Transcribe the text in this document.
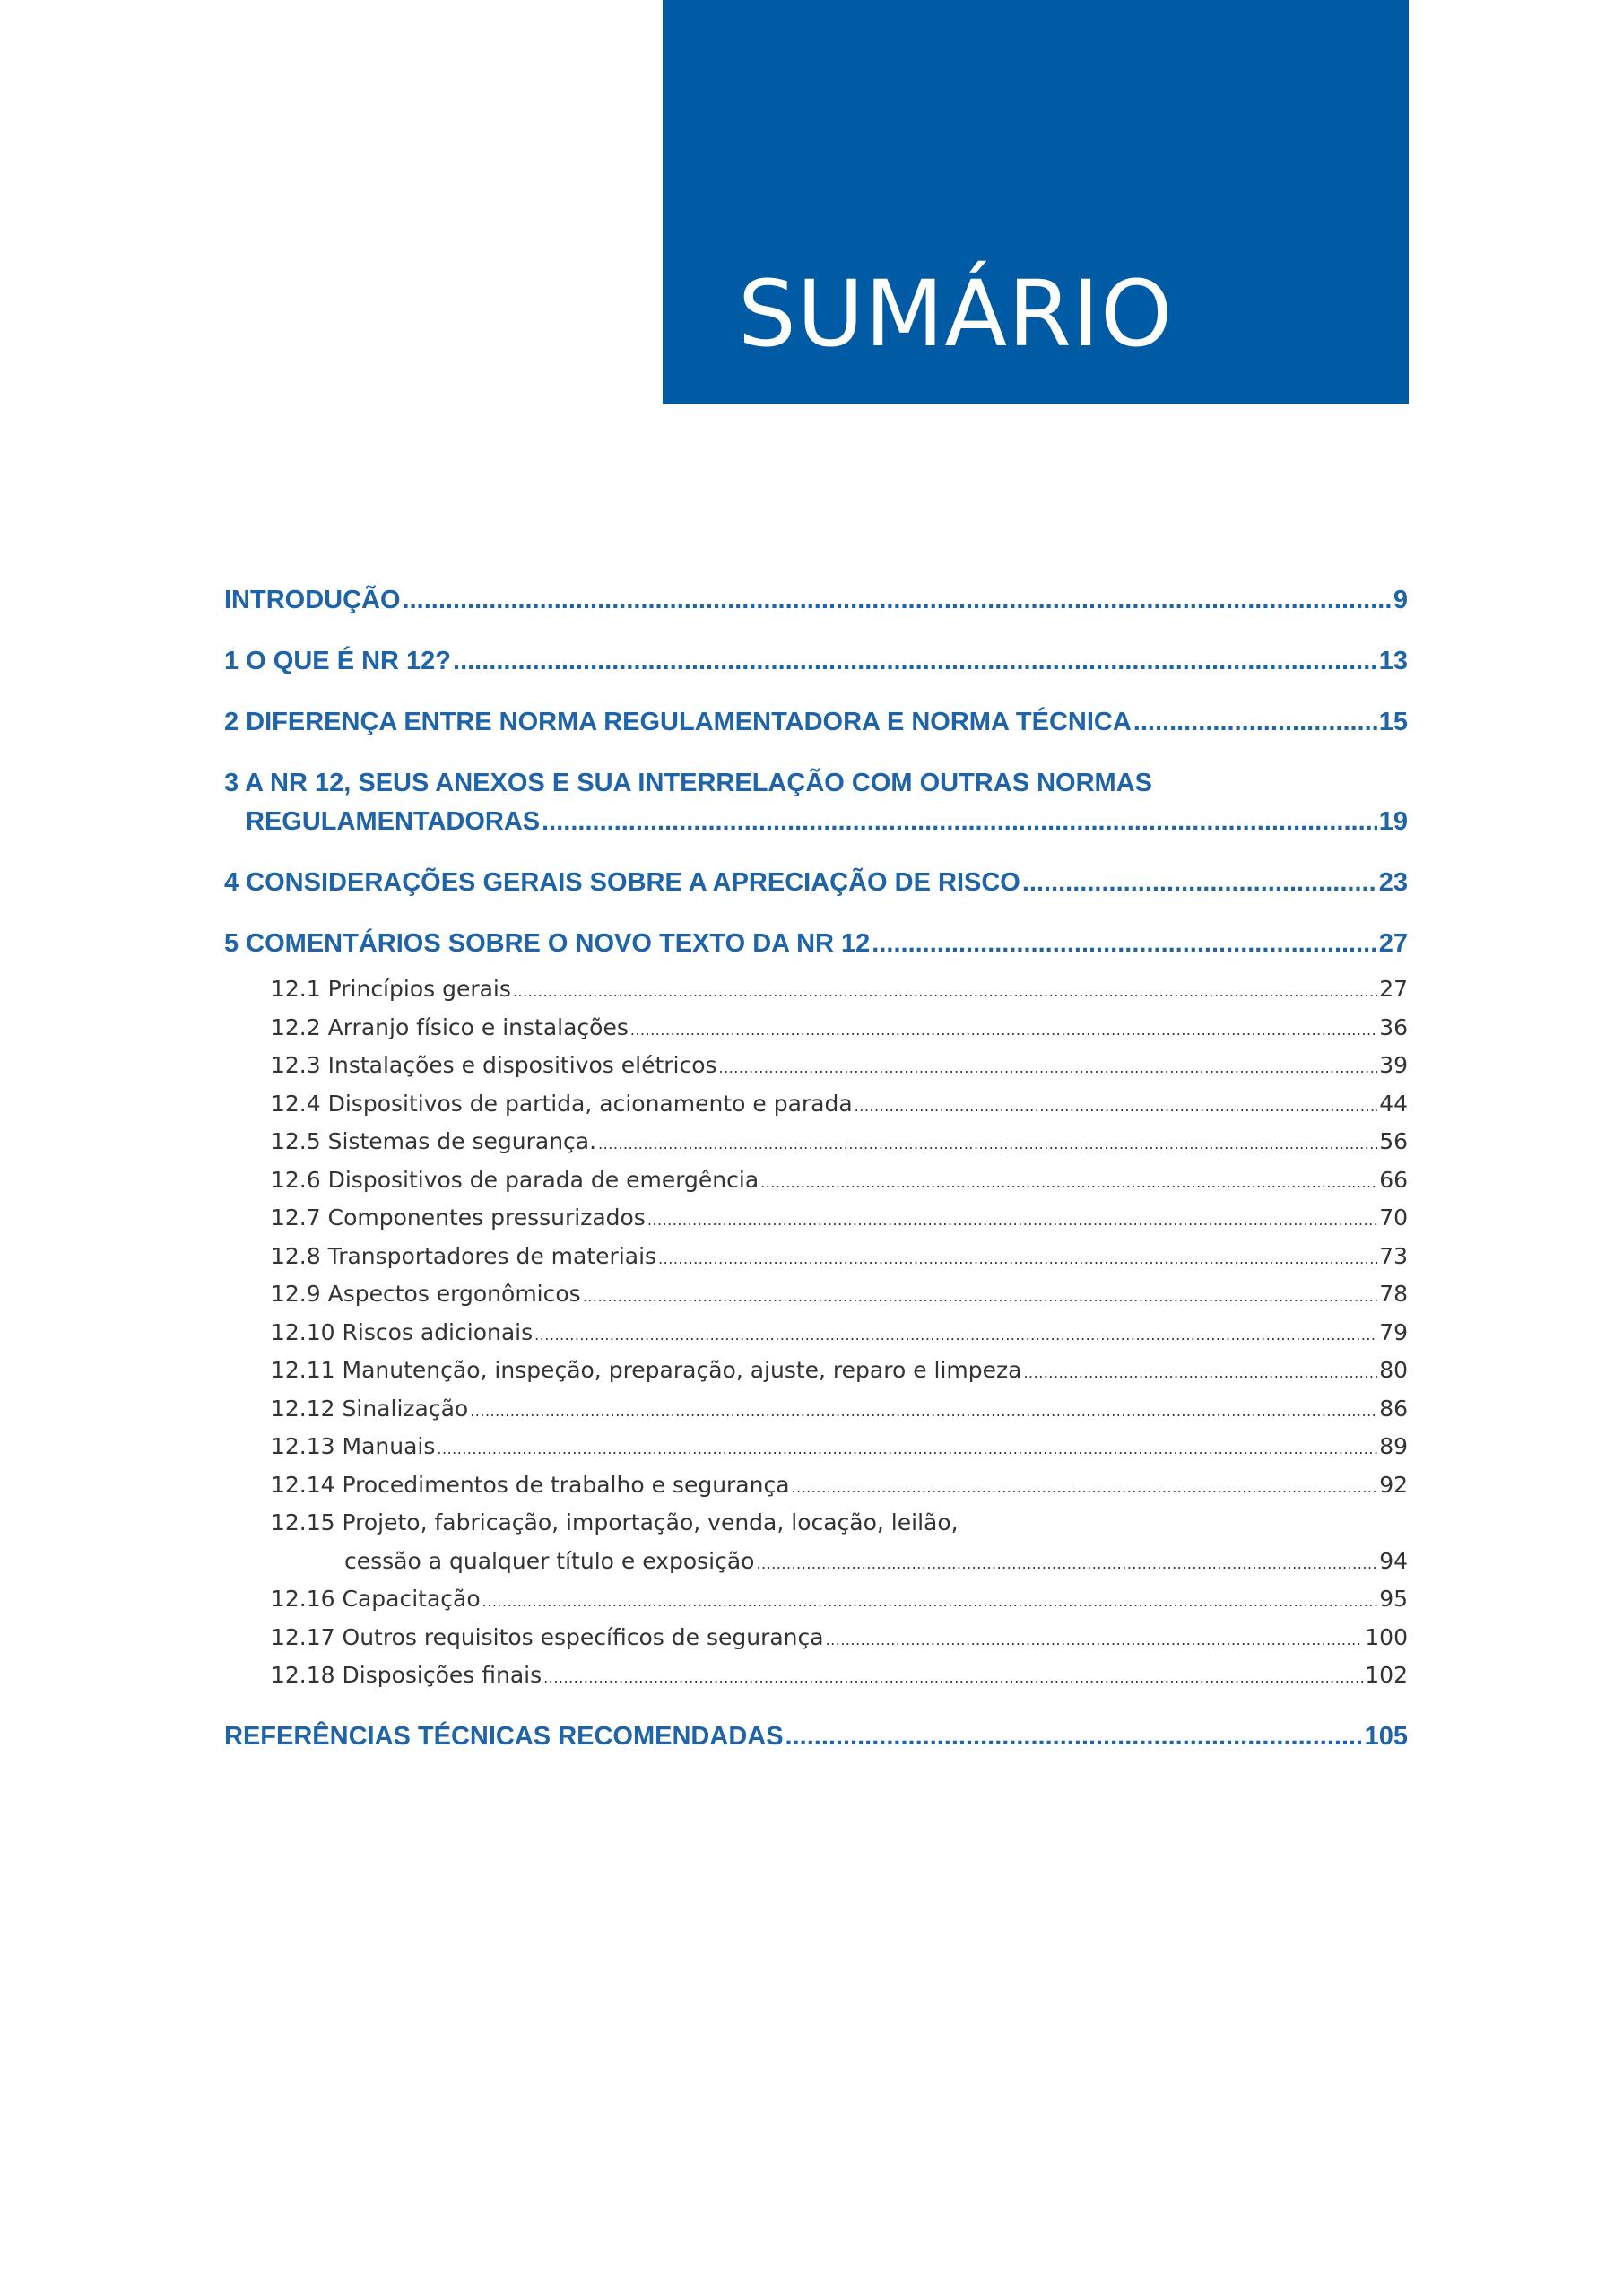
SUMÁRIO
INTRODUÇÃO .....	9
1 O QUE É NR 12? .....	13
2 DIFERENÇA ENTRE NORMA REGULAMENTADORA E NORMA TÉCNICA .....	15
3 A NR 12, SEUS ANEXOS E SUA INTERRELAÇÃO COM OUTRAS NORMAS
REGULAMENTADORAS .....	19
4 CONSIDERAÇÕES GERAIS SOBRE A APRECIAÇÃO DE RISCO .....	23
5 COMENTÁRIOS SOBRE O NOVO TEXTO DA NR 12 .....	27
12.1 Princípios gerais .....	27
12.2 Arranjo físico e instalações .....	36
12.3 Instalações e dispositivos elétricos .....	39
12.4 Dispositivos de partida, acionamento e parada .....	44
12.5 Sistemas de segurança. .....	56
12.6 Dispositivos de parada de emergência .....	66
12.7 Componentes pressurizados .....	70
12.8 Transportadores de materiais .....	73
12.9 Aspectos ergonômicos .....	78
12.10 Riscos adicionais .....	79
12.11 Manutenção, inspeção, preparação, ajuste, reparo e limpeza .....	80
12.12 Sinalização .....	86
12.13 Manuais .....	89
12.14 Procedimentos de trabalho e segurança .....	92
12.15 Projeto, fabricação, importação, venda, locação, leilão,
cessão a qualquer título e exposição .....	94
12.16 Capacitação .....	95
12.17 Outros requisitos específicos de segurança .....	100
12.18 Disposições finais .....	102
REFERÊNCIAS TÉCNICAS RECOMENDADAS .....	105
